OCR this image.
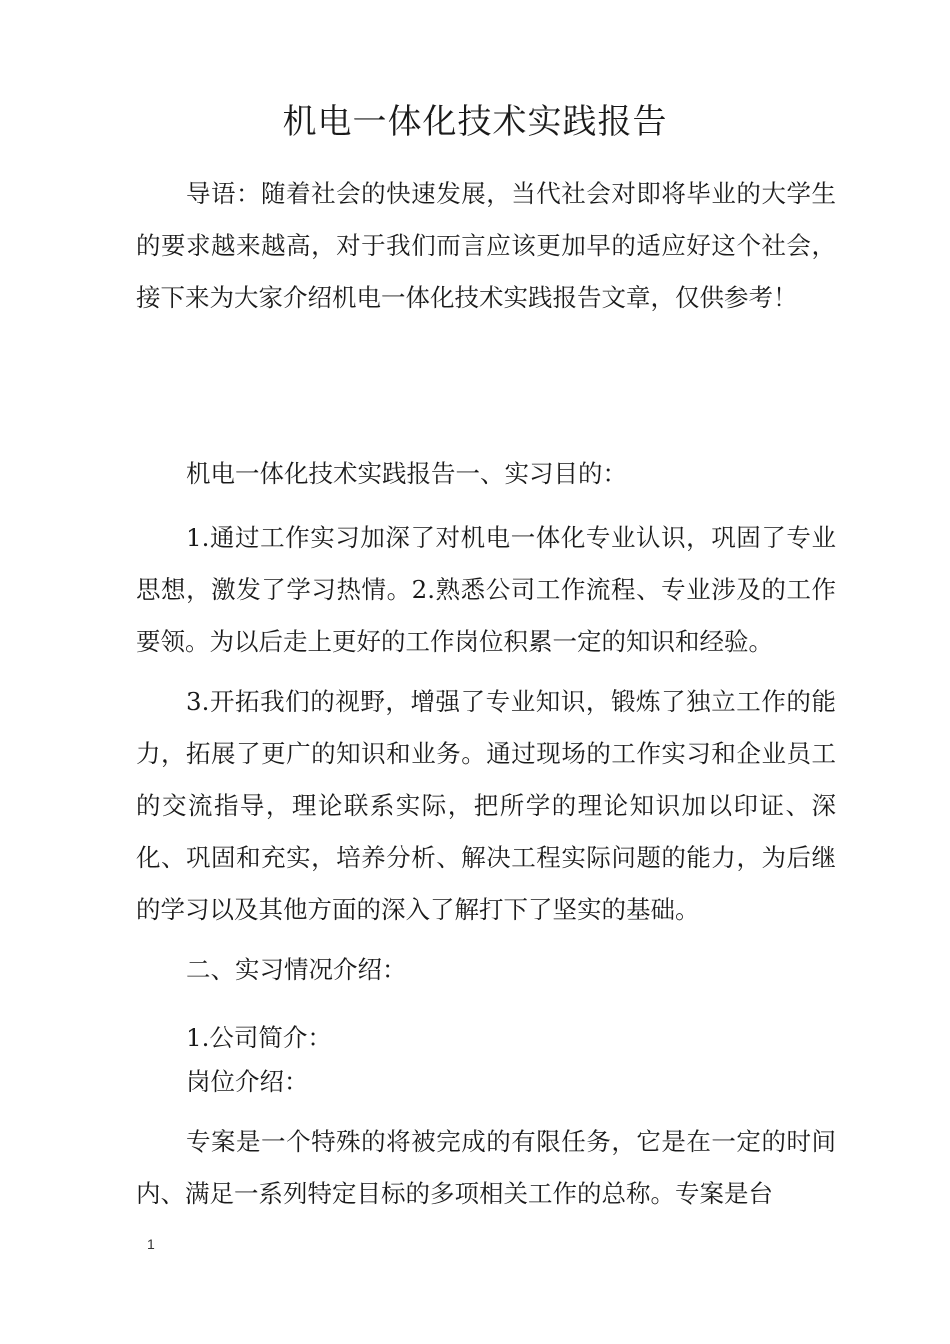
机电一体化技术实践报告

导语：随着社会的快速发展，当代社会对即将毕业的大学生的要求越来越高，对于我们而言应该更加早的适应好这个社会，接下来为大家介绍机电一体化技术实践报告文章，仅供参考！

机电一体化技术实践报告一、实习目的：

1.通过工作实习加深了对机电一体化专业认识，巩固了专业思想，激发了学习热情。2.熟悉公司工作流程、专业涉及的工作要领。为以后走上更好的工作岗位积累一定的知识和经验。

3.开拓我们的视野，增强了专业知识，锻炼了独立工作的能力，拓展了更广的知识和业务。通过现场的工作实习和企业员工的交流指导，理论联系实际，把所学的理论知识加以印证、深化、巩固和充实，培养分析、解决工程实际问题的能力，为后继的学习以及其他方面的深入了解打下了坚实的基础。

二、实习情况介绍：

1.公司简介：

岗位介绍：

专案是一个特殊的将被完成的有限任务，它是在一定的时间内、满足一系列特定目标的多项相关工作的总称。专案是台

1
